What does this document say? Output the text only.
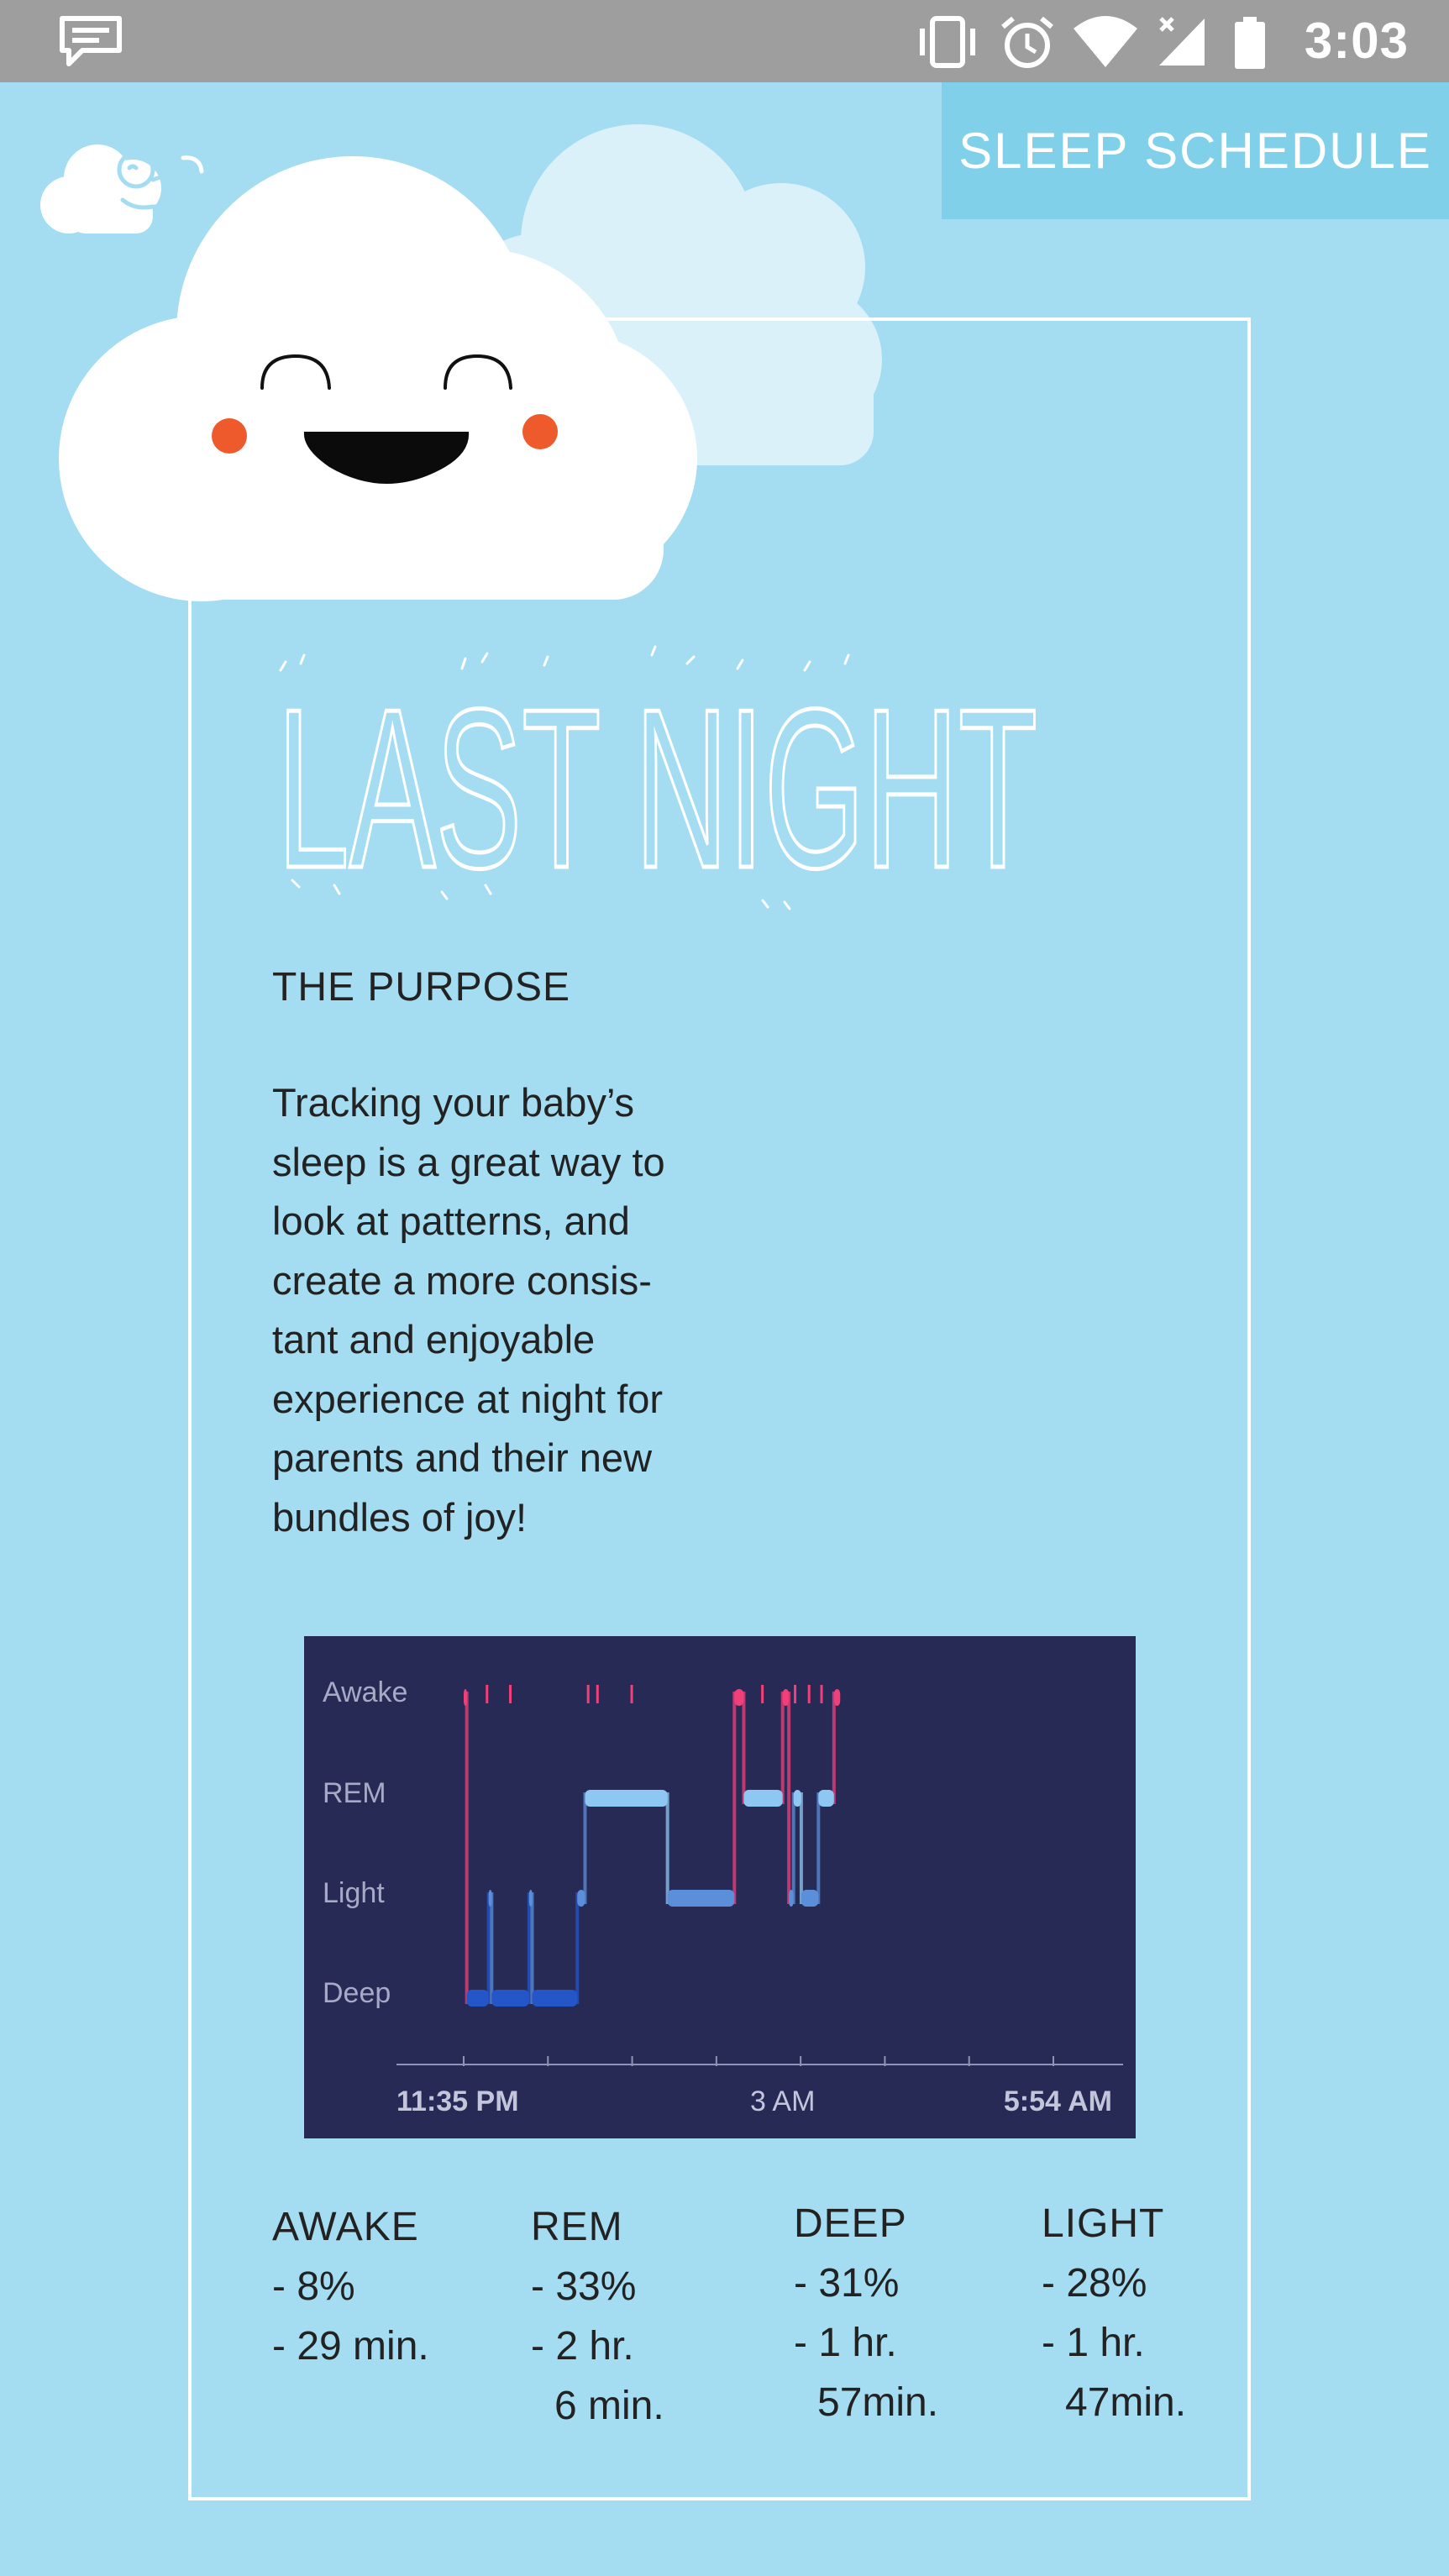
3:03
SLEEP SCHEDULE
LAST NIGHT
THE PURPOSE
Tracking your baby’s
sleep is a great way to
look at patterns, and
create a more consis-
tant and enjoyable
experience at night for
parents and their new
bundles of joy!
Awake
REM
Light
Deep
11:35 PM	3 AM	5:54 AM
AWAKE
- 8%
- 29 min.
REM
- 33%
- 2 hr.
6 min.
DEEP
- 31%
- 1 hr.
57min.
LIGHT
- 28%
- 1 hr.
47min.
